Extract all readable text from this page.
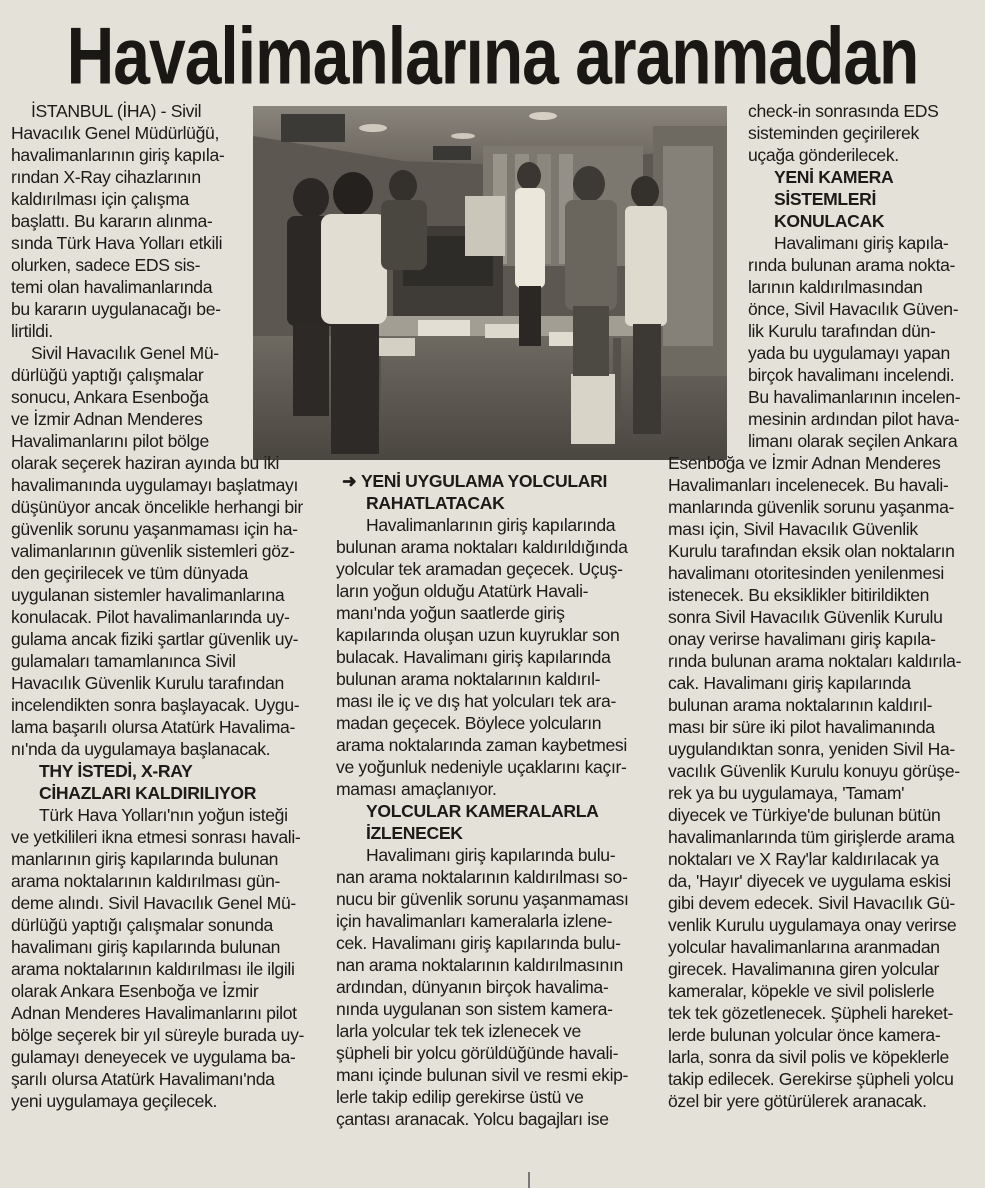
Havalimanlarına aranmadan
İSTANBUL (İHA) - Sivil
Havacılık Genel Müdürlüğü,
havalimanlarının giriş kapıla-
rından X-Ray cihazlarının
kaldırılması için çalışma
başlattı. Bu kararın alınma-
sında Türk Hava Yolları etkili
olurken, sadece EDS sis-
temi olan havalimanlarında
bu kararın uygulanacağı be-
lirtildi.
Sivil Havacılık Genel Mü-
dürlüğü yaptığı çalışmalar
sonucu, Ankara Esenboğa
ve İzmir Adnan Menderes
Havalimanlarını pilot bölge
olarak seçerek haziran ayında bu iki
havalimanında uygulamayı başlatmayı
düşünüyor ancak öncelikle herhangi bir
güvenlik sorunu yaşanmaması için ha-
valimanlarının güvenlik sistemleri göz-
den geçirilecek ve tüm dünyada
uygulanan sistemler havalimanlarına
konulacak. Pilot havalimanlarında uy-
gulama ancak fiziki şartlar güvenlik uy-
gulamaları tamamlanınca Sivil
Havacılık Güvenlik Kurulu tarafından
incelendikten sonra başlayacak. Uygu-
lama başarılı olursa Atatürk Havalima-
nı'nda da uygulamaya başlanacak.
THY İSTEDİ, X-RAY
CİHAZLARI KALDIRILIYOR
Türk Hava Yolları'nın yoğun isteği
ve yetkilileri ikna etmesi sonrası havali-
manlarının giriş kapılarında bulunan
arama noktalarının kaldırılması gün-
deme alındı. Sivil Havacılık Genel Mü-
dürlüğü yaptığı çalışmalar sonunda
havalimanı giriş kapılarında bulunan
arama noktalarının kaldırılması ile ilgili
olarak Ankara Esenboğa ve İzmir
Adnan Menderes Havalimanlarını pilot
bölge seçerek bir yıl süreyle burada uy-
gulamayı deneyecek ve uygulama ba-
şarılı olursa Atatürk Havalimanı'nda
yeni uygulamaya geçilecek.
➜ YENİ UYGULAMA YOLCULARI
RAHATLATACAK
Havalimanlarının giriş kapılarında
bulunan arama noktaları kaldırıldığında
yolcular tek aramadan geçecek. Uçuş-
ların yoğun olduğu Atatürk Havali-
manı'nda yoğun saatlerde giriş
kapılarında oluşan uzun kuyruklar son
bulacak. Havalimanı giriş kapılarında
bulunan arama noktalarının kaldırıl-
ması ile iç ve dış hat yolcuları tek ara-
madan geçecek. Böylece yolcuların
arama noktalarında zaman kaybetmesi
ve yoğunluk nedeniyle uçaklarını kaçır-
maması amaçlanıyor.
YOLCULAR KAMERALARLA
İZLENECEK
Havalimanı giriş kapılarında bulu-
nan arama noktalarının kaldırılması so-
nucu bir güvenlik sorunu yaşanmaması
için havalimanları kameralarla izlene-
cek. Havalimanı giriş kapılarında bulu-
nan arama noktalarının kaldırılmasının
ardından, dünyanın birçok havalima-
nında uygulanan son sistem kamera-
larla yolcular tek tek izlenecek ve
şüpheli bir yolcu görüldüğünde havali-
manı içinde bulunan sivil ve resmi ekip-
lerle takip edilip gerekirse üstü ve
çantası aranacak. Yolcu bagajları ise
check-in sonrasında EDS
sisteminden geçirilerek
uçağa gönderilecek.
YENİ KAMERA
SİSTEMLERİ
KONULACAK
Havalimanı giriş kapıla-
rında bulunan arama nokta-
larının kaldırılmasından
önce, Sivil Havacılık Güven-
lik Kurulu tarafından dün-
yada bu uygulamayı yapan
birçok havalimanı incelendi.
Bu havalimanlarının incelen-
mesinin ardından pilot hava-
limanı olarak seçilen Ankara
Esenboğa ve İzmir Adnan Menderes
Havalimanları incelenecek. Bu havali-
manlarında güvenlik sorunu yaşanma-
ması için, Sivil Havacılık Güvenlik
Kurulu tarafından eksik olan noktaların
havalimanı otoritesinden yenilenmesi
istenecek. Bu eksiklikler bitirildikten
sonra Sivil Havacılık Güvenlik Kurulu
onay verirse havalimanı giriş kapıla-
rında bulunan arama noktaları kaldırıla-
cak. Havalimanı giriş kapılarında
bulunan arama noktalarının kaldırıl-
ması bir süre iki pilot havalimanında
uygulandıktan sonra, yeniden Sivil Ha-
vacılık Güvenlik Kurulu konuyu görüşe-
rek ya bu uygulamaya, 'Tamam'
diyecek ve Türkiye'de bulunan bütün
havalimanlarında tüm girişlerde arama
noktaları ve X Ray'lar kaldırılacak ya
da, 'Hayır' diyecek ve uygulama eskisi
gibi devem edecek. Sivil Havacılık Gü-
venlik Kurulu uygulamaya onay verirse
yolcular havalimanlarına aranmadan
girecek. Havalimanına giren yolcular
kameralar, köpekle ve sivil polislerle
tek tek gözetlenecek. Şüpheli hareket-
lerde bulunan yolcular önce kamera-
larla, sonra da sivil polis ve köpeklerle
takip edilecek. Gerekirse şüpheli yolcu
özel bir yere götürülerek aranacak.
